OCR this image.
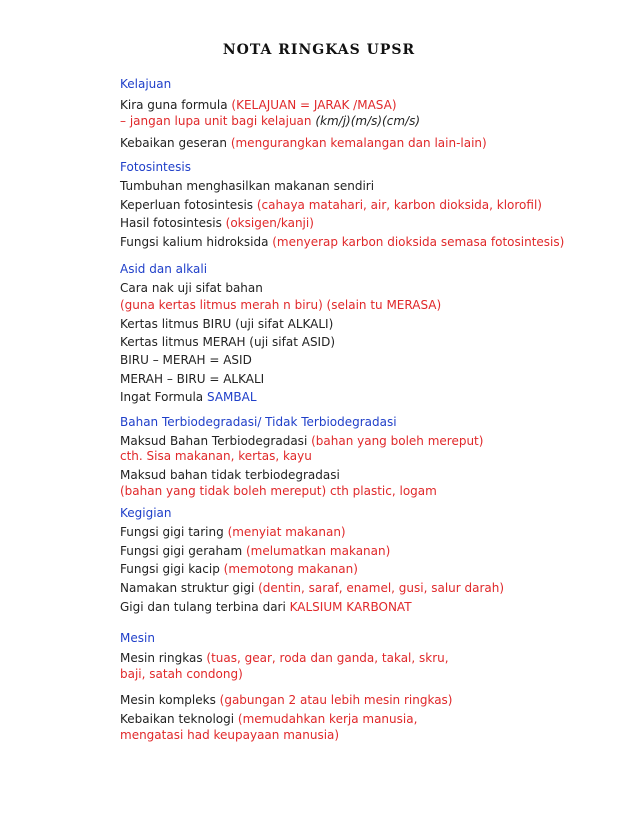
NOTA RINGKAS UPSR
Kelajuan
Kira guna formula (KELAJUAN = JARAK /MASA)
– jangan lupa unit bagi kelajuan (km/j)(m/s)(cm/s)
Kebaikan geseran (mengurangkan kemalangan dan lain-lain)
Fotosintesis
Tumbuhan menghasilkan makanan sendiri
Keperluan fotosintesis (cahaya matahari, air, karbon dioksida, klorofil)
Hasil fotosintesis (oksigen/kanji)
Fungsi kalium hidroksida (menyerap karbon dioksida semasa fotosintesis)
Asid dan alkali
Cara nak uji sifat bahan
(guna kertas litmus merah n biru) (selain tu MERASA)
Kertas litmus BIRU (uji sifat ALKALI)
Kertas litmus MERAH (uji sifat ASID)
BIRU – MERAH = ASID
MERAH – BIRU = ALKALI
Ingat Formula SAMBAL
Bahan Terbiodegradasi/ Tidak Terbiodegradasi
Maksud Bahan Terbiodegradasi (bahan yang boleh mereput)
cth. Sisa makanan, kertas, kayu
Maksud bahan tidak terbiodegradasi
(bahan yang tidak boleh mereput) cth plastic, logam
Kegigian
Fungsi gigi taring (menyiat makanan)
Fungsi gigi geraham (melumatkan makanan)
Fungsi gigi kacip (memotong makanan)
Namakan struktur gigi (dentin, saraf, enamel, gusi, salur darah)
Gigi dan tulang terbina dari KALSIUM KARBONAT
Mesin
Mesin ringkas (tuas, gear, roda dan ganda, takal, skru,
baji, satah condong)
Mesin kompleks (gabungan 2 atau lebih mesin ringkas)
Kebaikan teknologi (memudahkan kerja manusia,
mengatasi had keupayaan manusia)
